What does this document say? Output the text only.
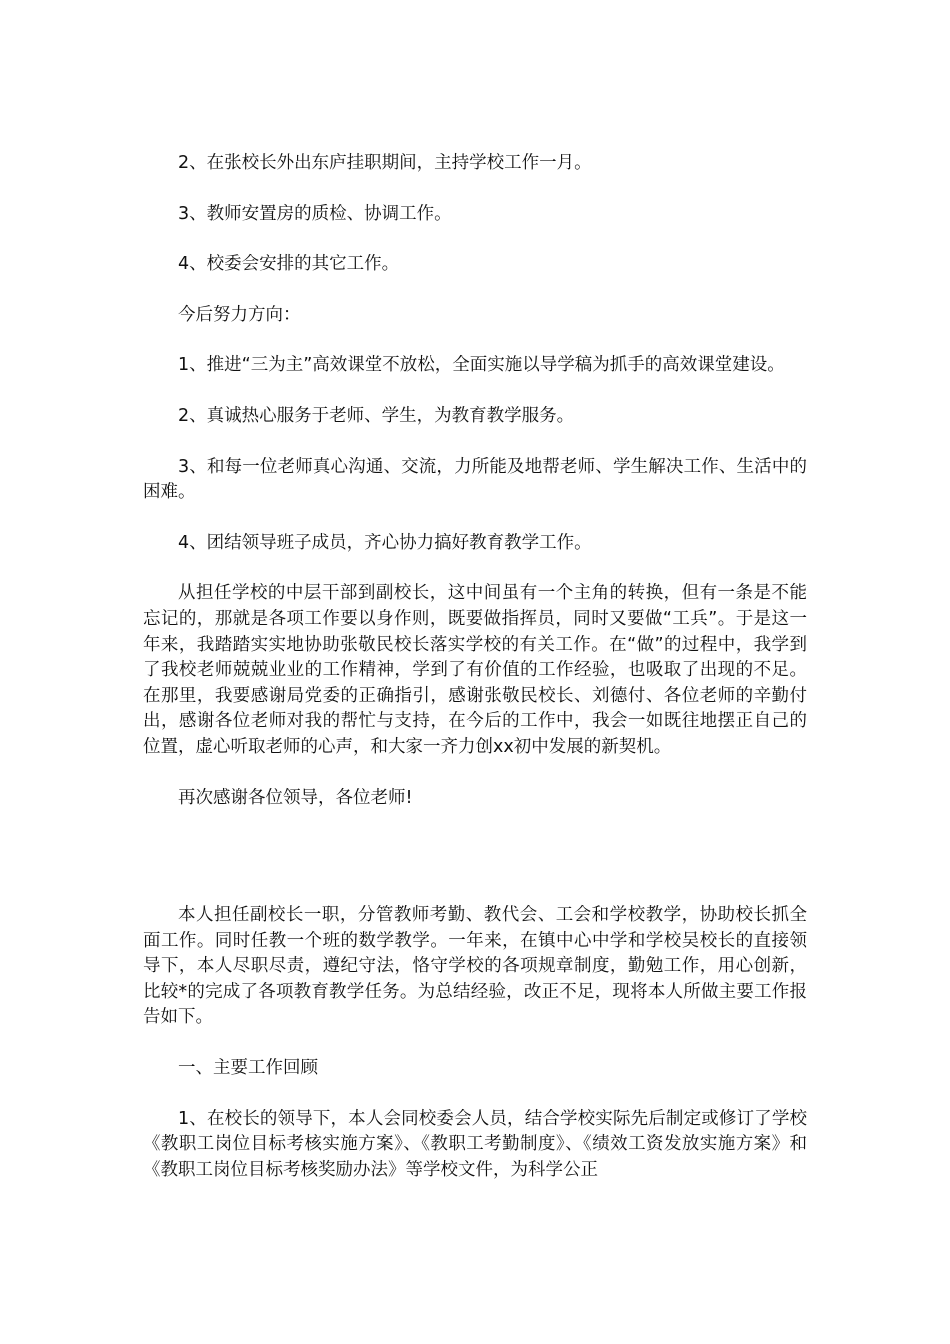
2、在张校长外出东庐挂职期间，主持学校工作一月。

3、教师安置房的质检、协调工作。

4、校委会安排的其它工作。

今后努力方向：

1、推进“三为主”高效课堂不放松，全面实施以导学稿为抓手的高效课堂建设。

2、真诚热心服务于老师、学生，为教育教学服务。

3、和每一位老师真心沟通、交流，力所能及地帮老师、学生解决工作、生活中的困难。

4、团结领导班子成员，齐心协力搞好教育教学工作。

从担任学校的中层干部到副校长，这中间虽有一个主角的转换，但有一条是不能忘记的，那就是各项工作要以身作则，既要做指挥员，同时又要做“工兵”。于是这一年来，我踏踏实实地协助张敬民校长落实学校的有关工作。在“做”的过程中，我学到了我校老师兢兢业业的工作精神，学到了有价值的工作经验，也吸取了出现的不足。在那里，我要感谢局党委的正确指引，感谢张敬民校长、刘德付、各位老师的辛勤付出，感谢各位老师对我的帮忙与支持，在今后的工作中，我会一如既往地摆正自己的位置，虚心听取老师的心声，和大家一齐力创xx初中发展的新契机。

再次感谢各位领导，各位老师!

本人担任副校长一职，分管教师考勤、教代会、工会和学校教学，协助校长抓全面工作。同时任教一个班的数学教学。一年来，在镇中心中学和学校吴校长的直接领导下，本人尽职尽责，遵纪守法，恪守学校的各项规章制度，勤勉工作，用心创新，比较*的完成了各项教育教学任务。为总结经验，改正不足，现将本人所做主要工作报告如下。

一、主要工作回顾

1、在校长的领导下，本人会同校委会人员，结合学校实际先后制定或修订了学校《教职工岗位目标考核实施方案》、《教职工考勤制度》、《绩效工资发放实施方案》和《教职工岗位目标考核奖励办法》等学校文件，为科学公正
